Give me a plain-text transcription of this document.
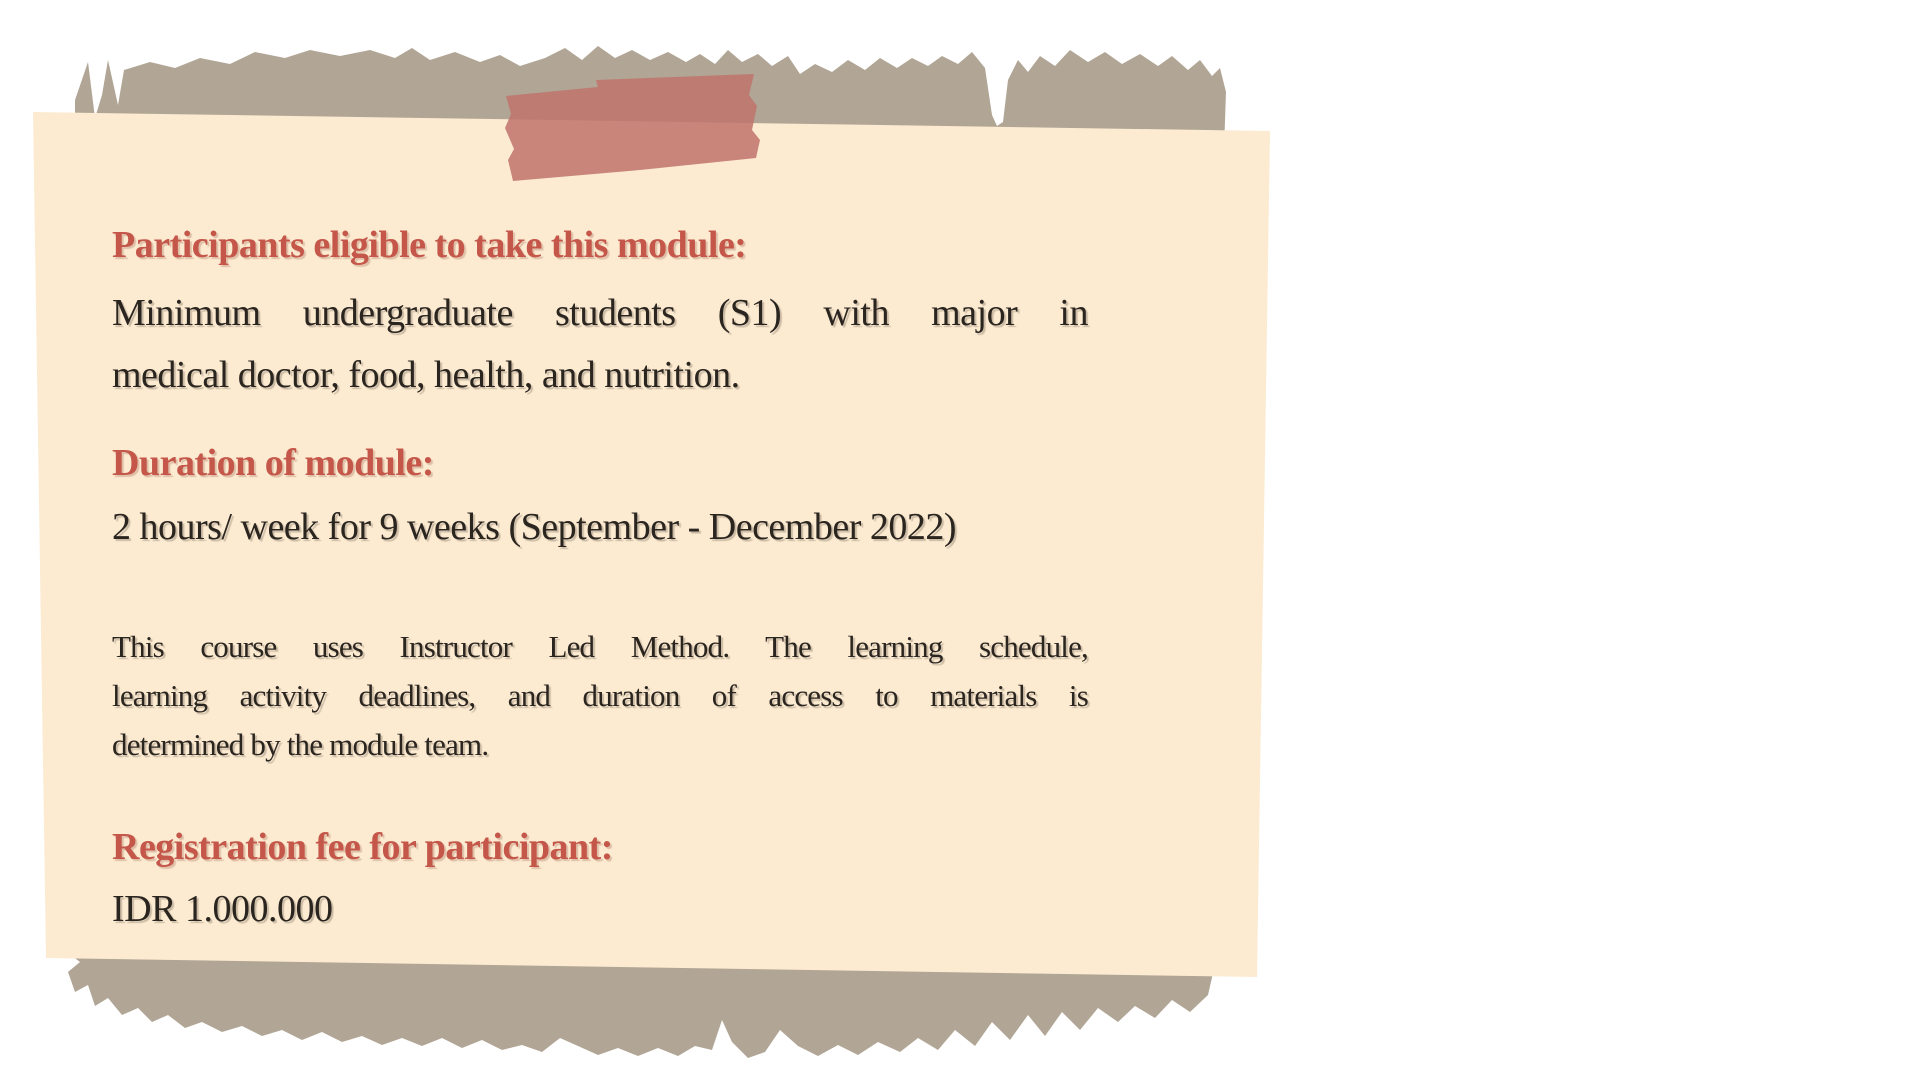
Participants eligible to take this module:
Minimum undergraduate students (S1) with major in
medical doctor, food, health, and nutrition.
Duration of module:
2 hours/ week for 9 weeks (September - December 2022)
This course uses Instructor Led Method. The learning schedule,
learning activity deadlines, and duration of access to materials is
determined by the module team.
Registration fee for participant:
IDR 1.000.000
